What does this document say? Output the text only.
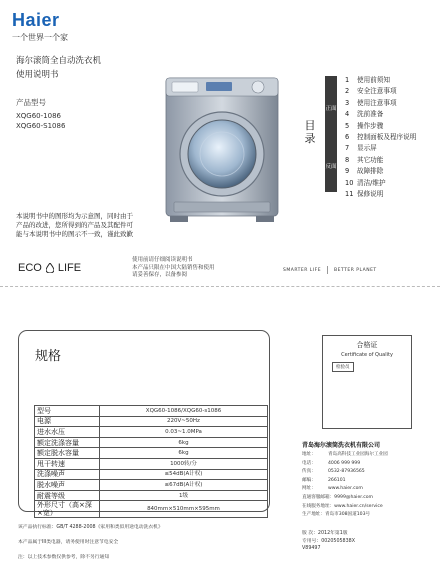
Haier
一个世界一个家
海尔滚筒全自动洗衣机
使用说明书
产品型号
XQG60-1086
XQG60-S1086
本说明书中的图形均为示意图，同时由于
产品的改进，您所得到的产品及其配件可
能与本说明书中的图示不一致，谨此致歉
目录
正面
反面
1 使用前须知
2 安全注意事项
3 使用注意事项
4 洗前准备
5 操作步骤
6 控制面板及程序说明
7 显示屏
8 其它功能
9 故障排除
10 清洁/维护
11 保修说明
ECO LIFE
使用前请仔细阅读说明书
本产品只限在中国大陆销售和使用
请妥善保存，以备参阅
SMARTER LIFE	BETTER PLANET
规格
型号	XQG60-1086/XQG60-s1086
电源	220V~50Hz
进水水压	0.03~1.0MPa
额定洗涤容量	6kg
额定脱水容量	6kg
甩干转速	1000转/分
洗涤噪声	≤54dB(A计权)
脱水噪声	≤67dB(A计权)
耐震等级	1级
外形尺寸（高×深×宽）	840mm×510mm×595mm
该产品执行标准：GB/T 4288-2008《家用和类似用途电动洗衣机》
本产品属于III类电器，请务使用时注意节电安全
注：以上技术参数仅供参考，除不另行通知
合格证
Certificate of Quality
检验员
青岛海尔滚筒洗衣机有限公司
地址：	青岛高科技工业园海尔工业园
电话：	4006 999 999
传真：	0532-87936565
邮编：	266101
网址：	www.haier.com
直通客服邮箱：9999@haier.com
在线服务地址：www.haier.cn/service
生产地址：青岛市308国道103号
版 次：2012年第1版
专用号：0020505838X
V89497
